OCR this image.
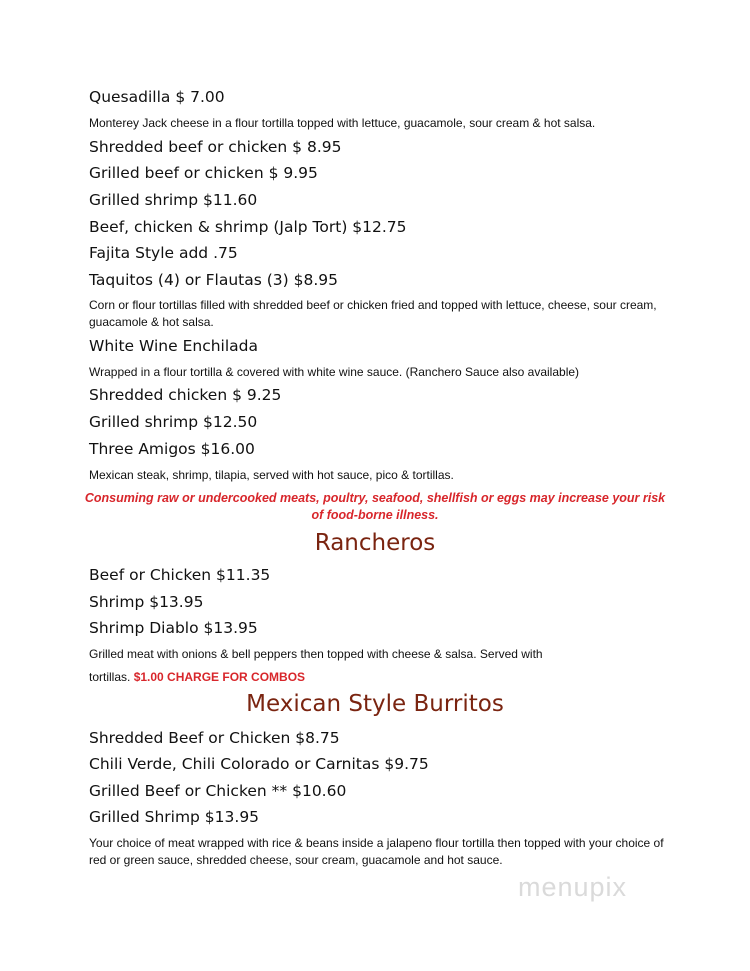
Quesadilla $ 7.00
Monterey Jack cheese in a flour tortilla topped with lettuce, guacamole, sour cream & hot salsa.
Shredded beef or chicken $ 8.95
Grilled beef or chicken $ 9.95
Grilled shrimp $11.60
Beef, chicken & shrimp (Jalp Tort) $12.75
Fajita Style add .75
Taquitos (4) or Flautas (3) $8.95
Corn or flour tortillas filled with shredded beef or chicken fried and topped with lettuce, cheese, sour cream, guacamole & hot salsa.
White Wine Enchilada
Wrapped in a flour tortilla & covered with white wine sauce. (Ranchero Sauce also available)
Shredded chicken $ 9.25
Grilled shrimp $12.50
Three Amigos $16.00
Mexican steak, shrimp, tilapia, served with hot sauce, pico & tortillas.
Consuming raw or undercooked meats, poultry, seafood, shellfish or eggs may increase your risk of food-borne illness.
Rancheros
Beef or Chicken $11.35
Shrimp $13.95
Shrimp Diablo $13.95
Grilled meat with onions & bell peppers then topped with cheese & salsa. Served with
tortillas. $1.00 CHARGE FOR COMBOS
Mexican Style Burritos
Shredded Beef or Chicken $8.75
Chili Verde, Chili Colorado or Carnitas $9.75
Grilled Beef or Chicken ** $10.60
Grilled Shrimp $13.95
Your choice of meat wrapped with rice & beans inside a jalapeno flour tortilla then topped with your choice of red or green sauce, shredded cheese, sour cream, guacamole and hot sauce.
menupix
